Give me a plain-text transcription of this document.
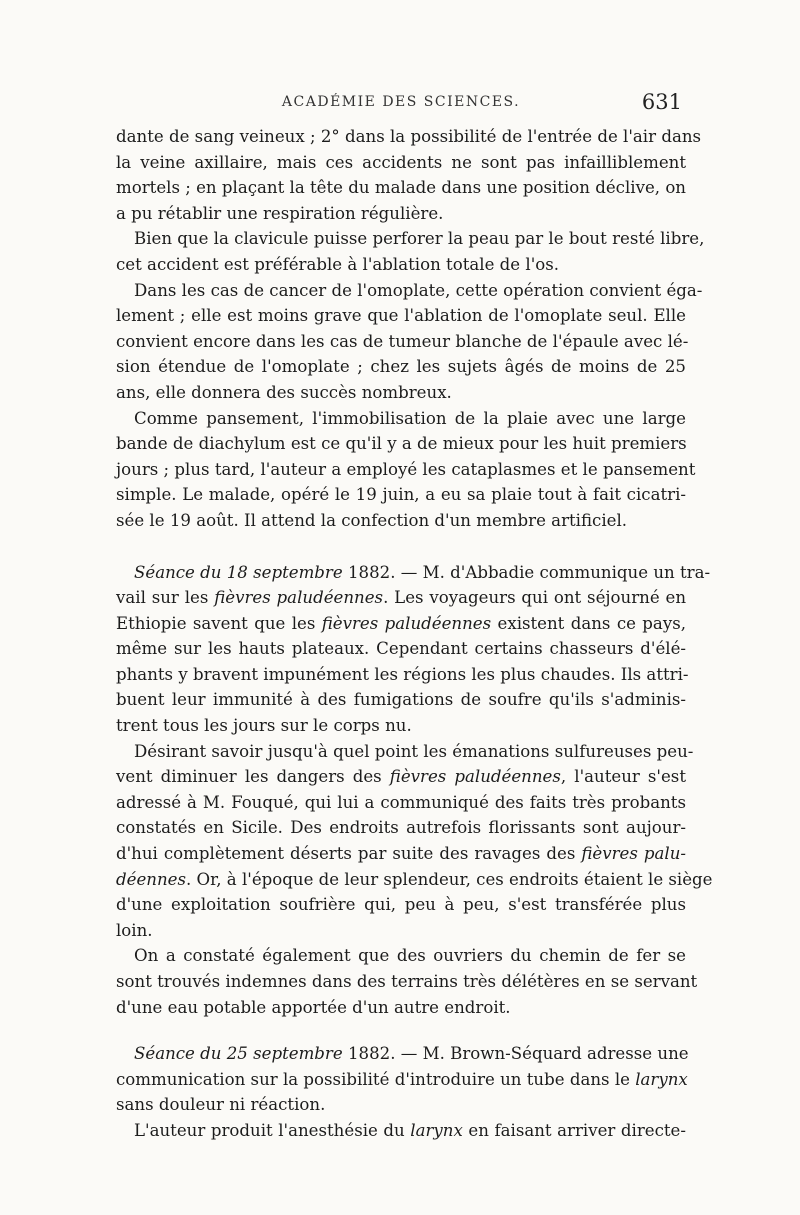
ACADÉMIE DES SCIENCES.	631
dante de sang veineux ; 2° dans la possibilité de l'entrée de l'air dans
la veine axillaire, mais ces accidents ne sont pas infailliblement
mortels ; en plaçant la tête du malade dans une position déclive, on
a pu rétablir une respiration régulière.
Bien que la clavicule puisse perforer la peau par le bout resté libre,
cet accident est préférable à l'ablation totale de l'os.
Dans les cas de cancer de l'omoplate, cette opération convient éga-
lement ; elle est moins grave que l'ablation de l'omoplate seul. Elle
convient encore dans les cas de tumeur blanche de l'épaule avec lé-
sion étendue de l'omoplate ; chez les sujets âgés de moins de 25
ans, elle donnera des succès nombreux.
Comme pansement, l'immobilisation de la plaie avec une large
bande de diachylum est ce qu'il y a de mieux pour les huit premiers
jours ; plus tard, l'auteur a employé les cataplasmes et le pansement
simple. Le malade, opéré le 19 juin, a eu sa plaie tout à fait cicatri-
sée le 19 août. Il attend la confection d'un membre artificiel.
Séance du 18 septembre 1882. — M. d'Abbadie communique un tra-
vail sur les fièvres paludéennes. Les voyageurs qui ont séjourné en
Ethiopie savent que les fièvres paludéennes existent dans ce pays,
même sur les hauts plateaux. Cependant certains chasseurs d'élé-
phants y bravent impunément les régions les plus chaudes. Ils attri-
buent leur immunité à des fumigations de soufre qu'ils s'adminis-
trent tous les jours sur le corps nu.
Désirant savoir jusqu'à quel point les émanations sulfureuses peu-
vent diminuer les dangers des fièvres paludéennes, l'auteur s'est
adressé à M. Fouqué, qui lui a communiqué des faits très probants
constatés en Sicile. Des endroits autrefois florissants sont aujour-
d'hui complètement déserts par suite des ravages des fièvres palu-
déennes. Or, à l'époque de leur splendeur, ces endroits étaient le siège
d'une exploitation soufrière qui, peu à peu, s'est transférée plus
loin.
On a constaté également que des ouvriers du chemin de fer se
sont trouvés indemnes dans des terrains très délétères en se servant
d'une eau potable apportée d'un autre endroit.
Séance du 25 septembre 1882. — M. Brown-Séquard adresse une
communication sur la possibilité d'introduire un tube dans le larynx
sans douleur ni réaction.
L'auteur produit l'anesthésie du larynx en faisant arriver directe-
